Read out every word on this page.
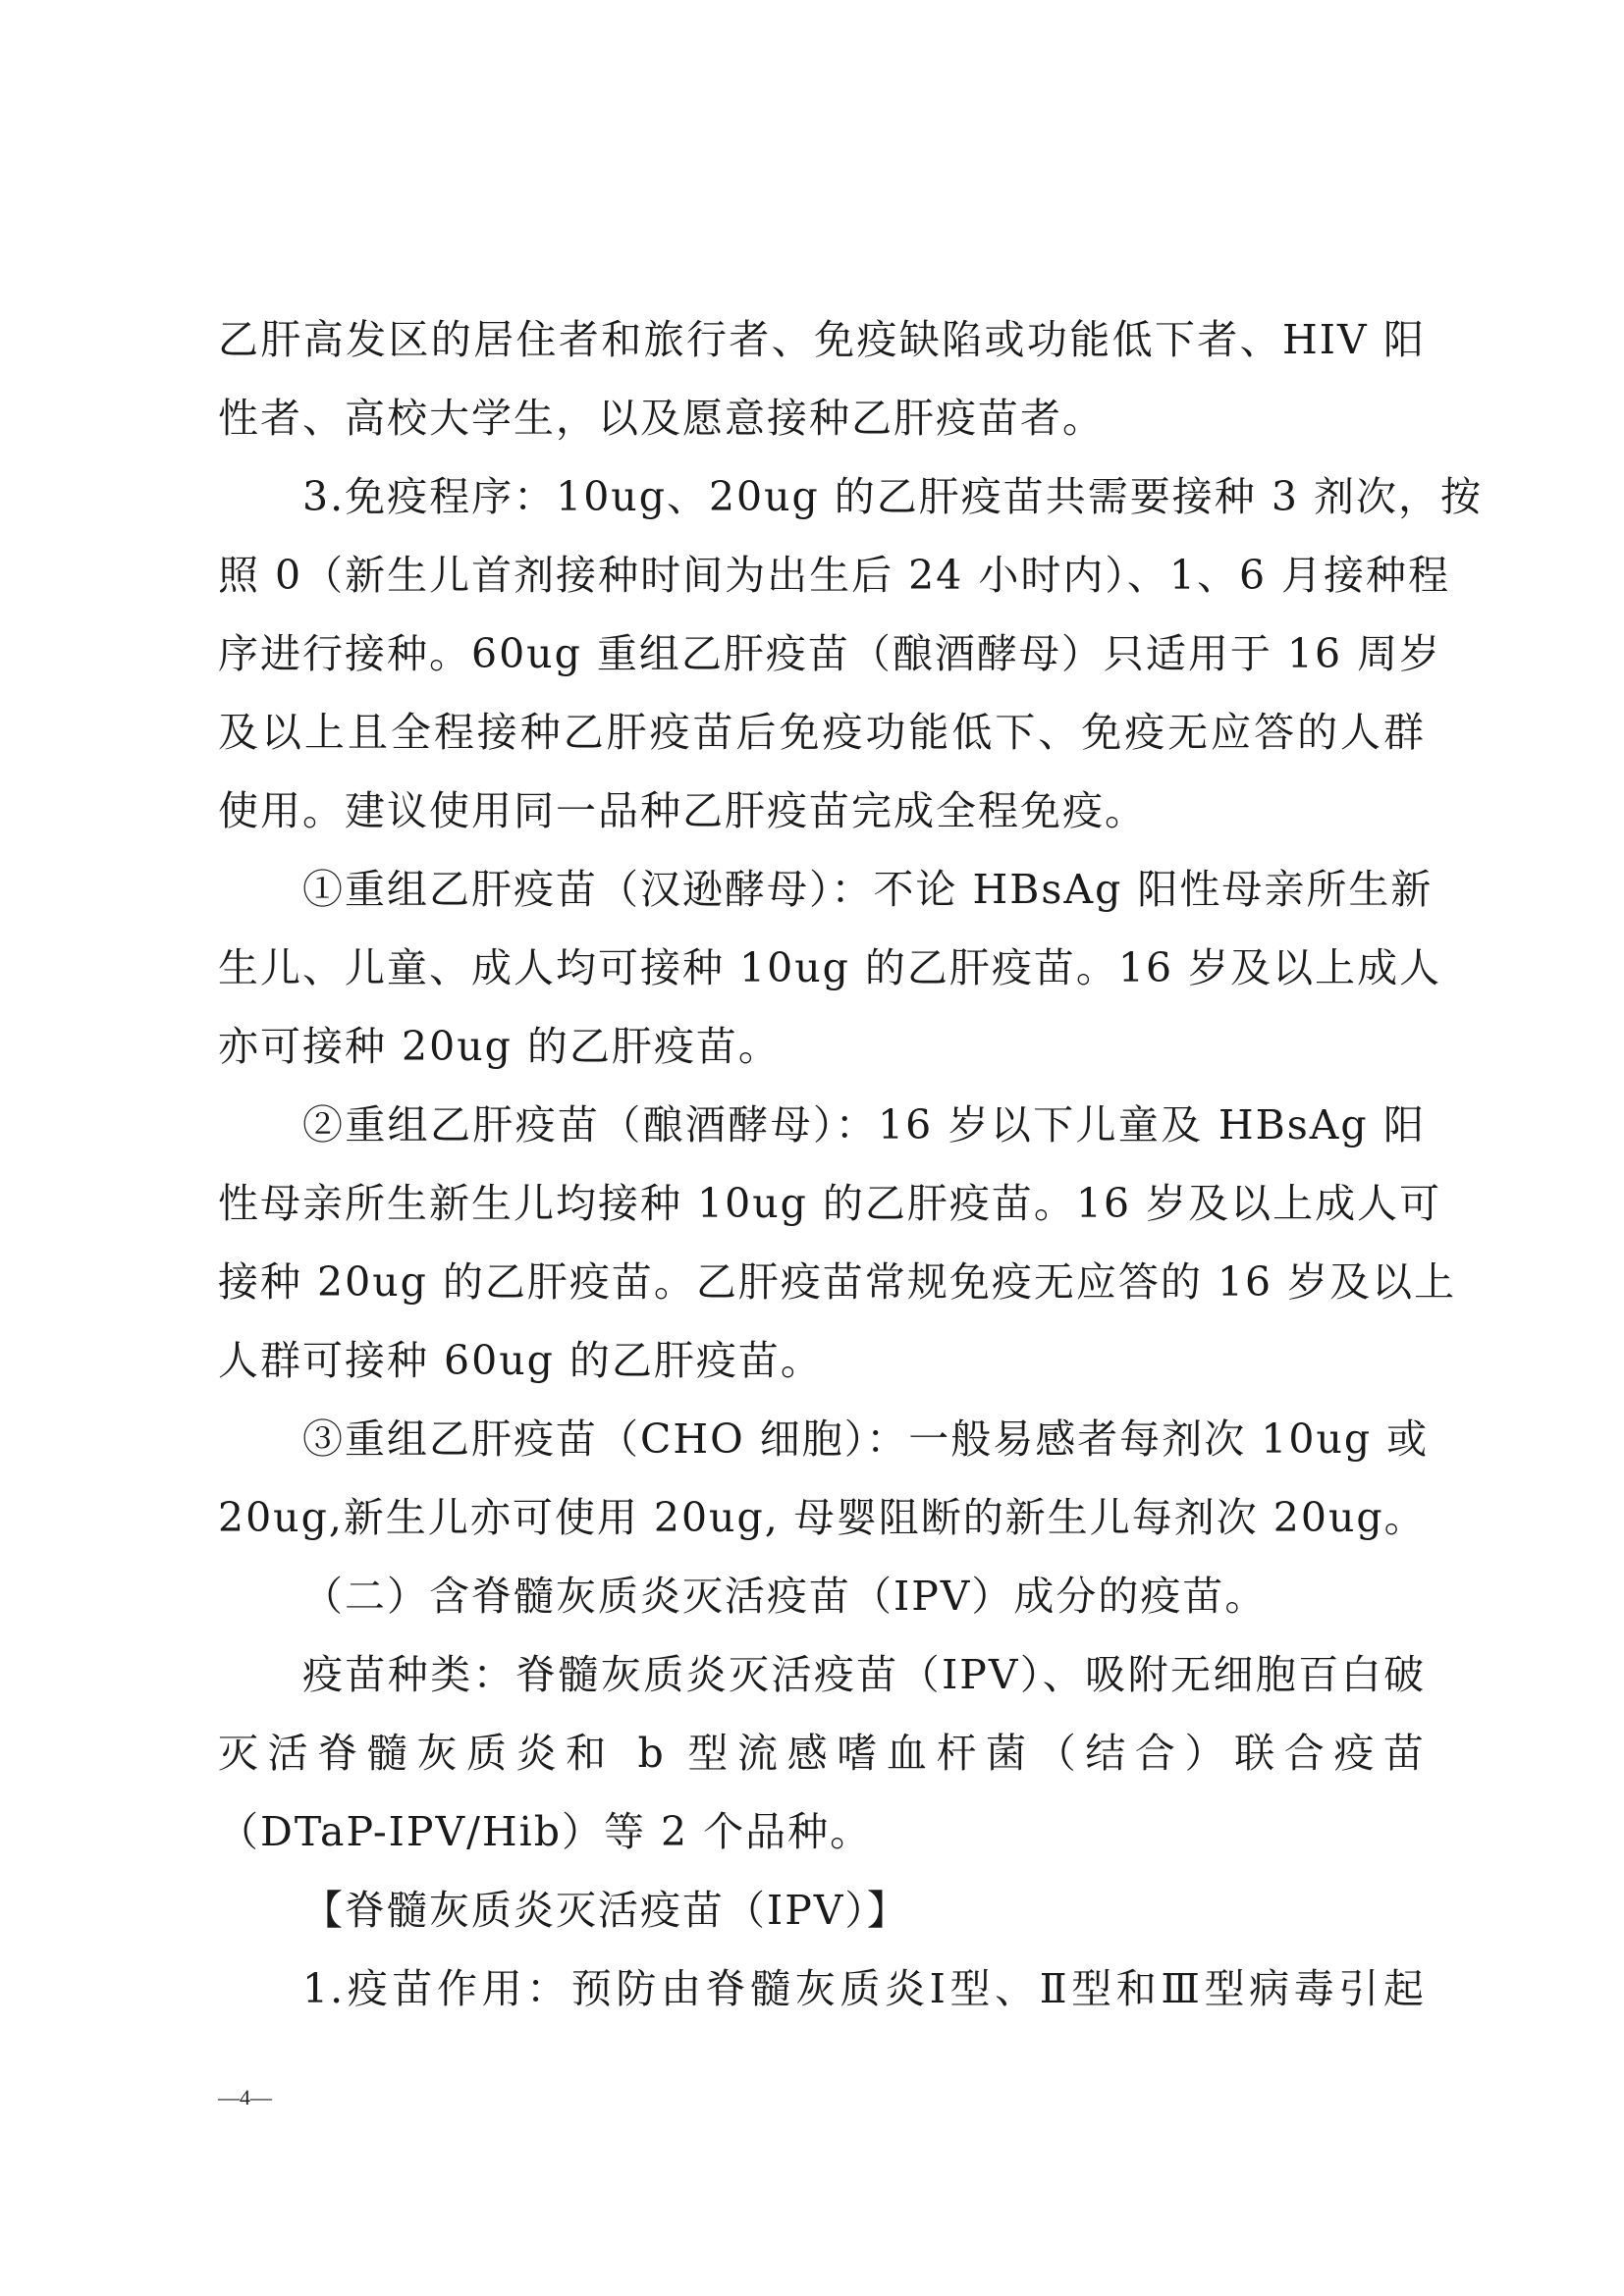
乙肝高发区的居住者和旅行者、免疫缺陷或功能低下者、HIV 阳
性者、高校大学生，以及愿意接种乙肝疫苗者。
3.免疫程序：10ug、20ug 的乙肝疫苗共需要接种 3 剂次，按
照 0（新生儿首剂接种时间为出生后 24 小时内）、1、6 月接种程
序进行接种。60ug 重组乙肝疫苗（酿酒酵母）只适用于 16 周岁
及以上且全程接种乙肝疫苗后免疫功能低下、免疫无应答的人群
使用。建议使用同一品种乙肝疫苗完成全程免疫。
①重组乙肝疫苗（汉逊酵母）：不论 HBsAg 阳性母亲所生新
生儿、儿童、成人均可接种 10ug 的乙肝疫苗。16 岁及以上成人
亦可接种 20ug 的乙肝疫苗。
②重组乙肝疫苗（酿酒酵母）：16 岁以下儿童及 HBsAg 阳
性母亲所生新生儿均接种 10ug 的乙肝疫苗。16 岁及以上成人可
接种 20ug 的乙肝疫苗。乙肝疫苗常规免疫无应答的 16 岁及以上
人群可接种 60ug 的乙肝疫苗。
③重组乙肝疫苗（CHO 细胞）：一般易感者每剂次 10ug 或
20ug,新生儿亦可使用 20ug, 母婴阻断的新生儿每剂次 20ug。
（二）含脊髓灰质炎灭活疫苗（IPV）成分的疫苗。
疫苗种类：脊髓灰质炎灭活疫苗（IPV）、吸附无细胞百白破
灭活脊髓灰质炎和 b 型流感嗜血杆菌（结合）联合疫苗
（DTaP-IPV/Hib）等 2 个品种。
【脊髓灰质炎灭活疫苗（IPV）】
1.疫苗作用：预防由脊髓灰质炎Ⅰ型、Ⅱ型和Ⅲ型病毒引起
—4—
